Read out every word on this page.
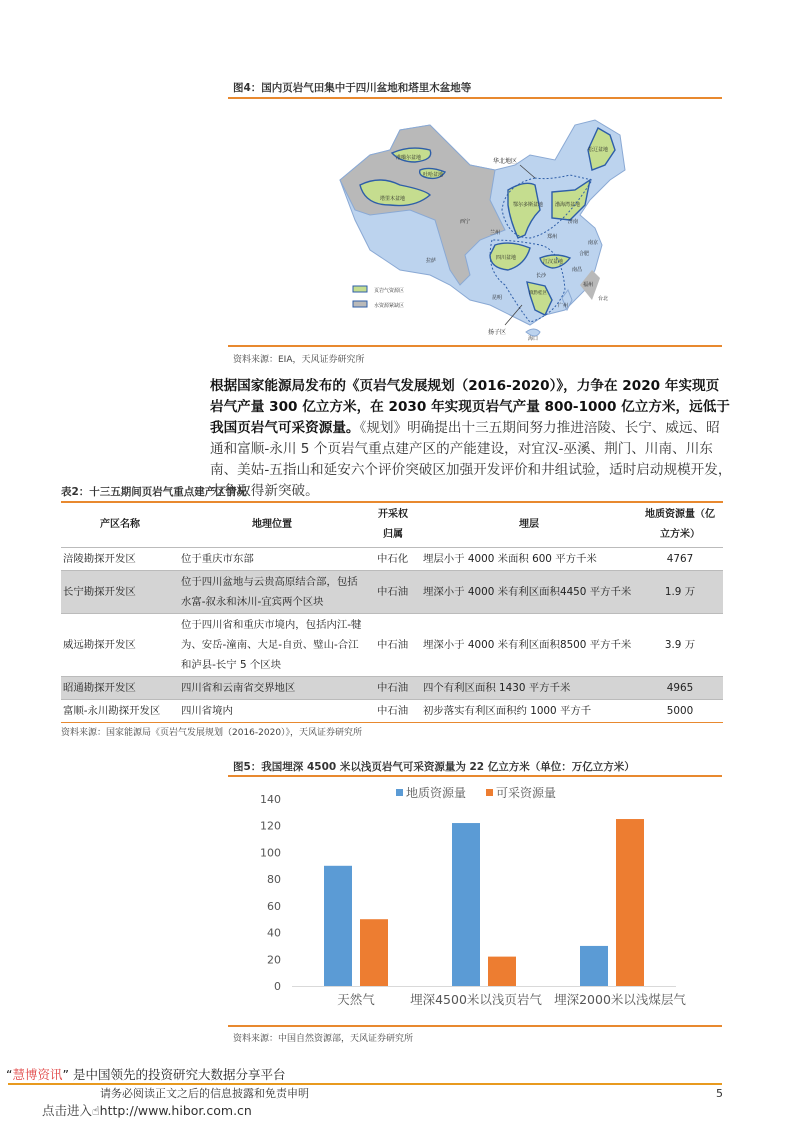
图4：国内页岩气田集中于四川盆地和塔里木盆地等
准噶尔盆地
吐哈盆地
塔里木盆地
松辽盆地
华北地区
鄂尔多斯盆地 渤海湾盆地
济南
西宁
兰州
郑州
南京
拉萨	四川盆地
江汉盆地
合肥
长沙
南昌
福州
昆明
滇黔桂区
广州
台北
海口
扬子区
页岩气资源区
水资源紧缺区
资料来源：EIA，天风证券研究所
根据国家能源局发布的《页岩气发展规划（2016-2020）》，力争在 2020 年实现页岩气产量 300 亿立方米，在 2030 年实现页岩气产量 800-1000 亿立方米，远低于我国页岩气可采资源量。《规划》明确提出十三五期间努力推进涪陵、长宁、威远、昭通和富顺-永川 5 个页岩气重点建产区的产能建设，对宜汉-巫溪、荆门、川南、川东南、美姑-五指山和延安六个评价突破区加强开发评价和井组试验，适时启动规模开发，力争取得新突破。
表2：十三五期间页岩气重点建产区情况
产区名称	地理位置	开采权归属	埋层	地质资源量（亿立方米）
涪陵勘探开发区	位于重庆市东部	中石化	埋层小于 4000 米面积 600 平方千米	4767
长宁勘探开发区	位于四川盆地与云贵高原结合部，包括水富-叙永和沐川-宜宾两个区块	中石油	埋深小于 4000 米有利区面积4450 平方千米	1.9 万
威远勘探开发区	位于四川省和重庆市境内，包括内江-犍为、安岳-潼南、大足-自贡、璧山-合江和泸县-长宁 5 个区块	中石油	埋深小于 4000 米有利区面积8500 平方千米	3.9 万
昭通勘探开发区	四川省和云南省交界地区	中石油	四个有利区面积 1430 平方千米	4965
富顺-永川勘探开发区	四川省境内	中石油	初步落实有利区面积约 1000 平方千	5000
资料来源：国家能源局《页岩气发展规划（2016-2020）》，天风证券研究所
图5：我国埋深 4500 米以浅页岩气可采资源量为 22 亿立方米（单位：万亿立方米）
0
20
40
60
80
100
120
140
天然气	埋深4500米以浅页岩气 埋深2000米以浅煤层气
地质资源量 可采资源量
资料来源：中国自然资源部，天风证券研究所
“慧博资讯” 是中国领先的投资研究大数据分享平台
请务必阅读正文之后的信息披露和免责申明	5
点击进入☝http://www.hibor.com.cn
